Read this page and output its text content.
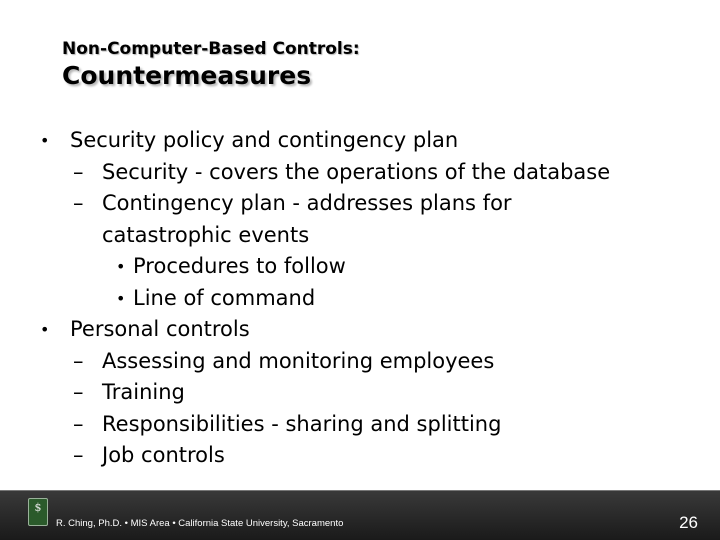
Non-Computer-Based Controls:
Countermeasures
• Security policy and contingency plan
– Security - covers the operations of the database
– Contingency plan - addresses plans for catastrophic events
• Procedures to follow
• Line of command
• Personal controls
– Assessing and monitoring employees
– Training
– Responsibilities - sharing and splitting
– Job controls
$
R. Ching, Ph.D. • MIS Area • California State University, Sacramento	26
